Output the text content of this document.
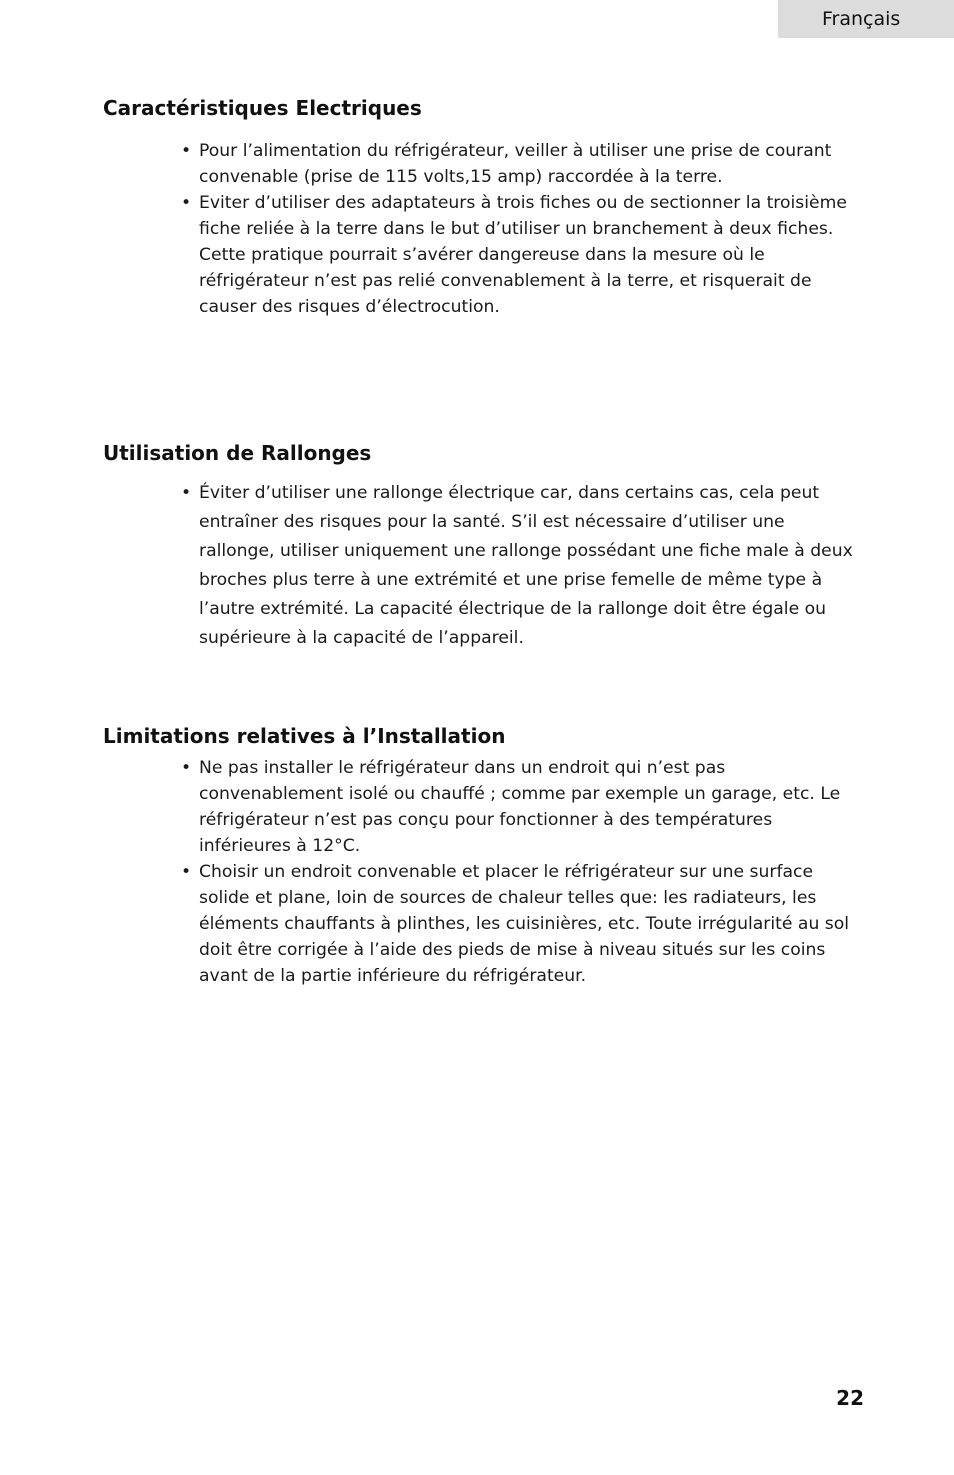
Français
Caractéristiques Electriques
• Pour l’alimentation du réfrigérateur, veiller à utiliser une prise de courant convenable (prise de 115 volts,15 amp) raccordée à la terre.
• Eviter d’utiliser des adaptateurs à trois fiches ou de sectionner la troisième fiche reliée à la terre dans le but d’utiliser un branchement à deux fiches. Cette pratique pourrait s’avérer dangereuse dans la mesure où le réfrigérateur n’est pas relié convenablement à la terre, et risquerait de causer des risques d’électrocution.
Utilisation de Rallonges
• Éviter d’utiliser une rallonge électrique car, dans certains cas, cela peut entraîner des risques pour la santé. S’il est nécessaire d’utiliser une rallonge, utiliser uniquement une rallonge possédant une fiche male à deux broches plus terre à une extrémité et une prise femelle de même type à l’autre extrémité. La capacité électrique de la rallonge doit être égale ou supérieure à la capacité de l’appareil.
Limitations relatives à l’Installation
• Ne pas installer le réfrigérateur dans un endroit qui n’est pas convenablement isolé ou chauffé ; comme par exemple un garage, etc. Le réfrigérateur n’est pas conçu pour fonctionner à des températures inférieures à 12°C.
• Choisir un endroit convenable et placer le réfrigérateur sur une surface solide et plane, loin de sources de chaleur telles que: les radiateurs, les éléments chauffants à plinthes, les cuisinières, etc. Toute irrégularité au sol doit être corrigée à l’aide des pieds de mise à niveau situés sur les coins avant de la partie inférieure du réfrigérateur.
22
